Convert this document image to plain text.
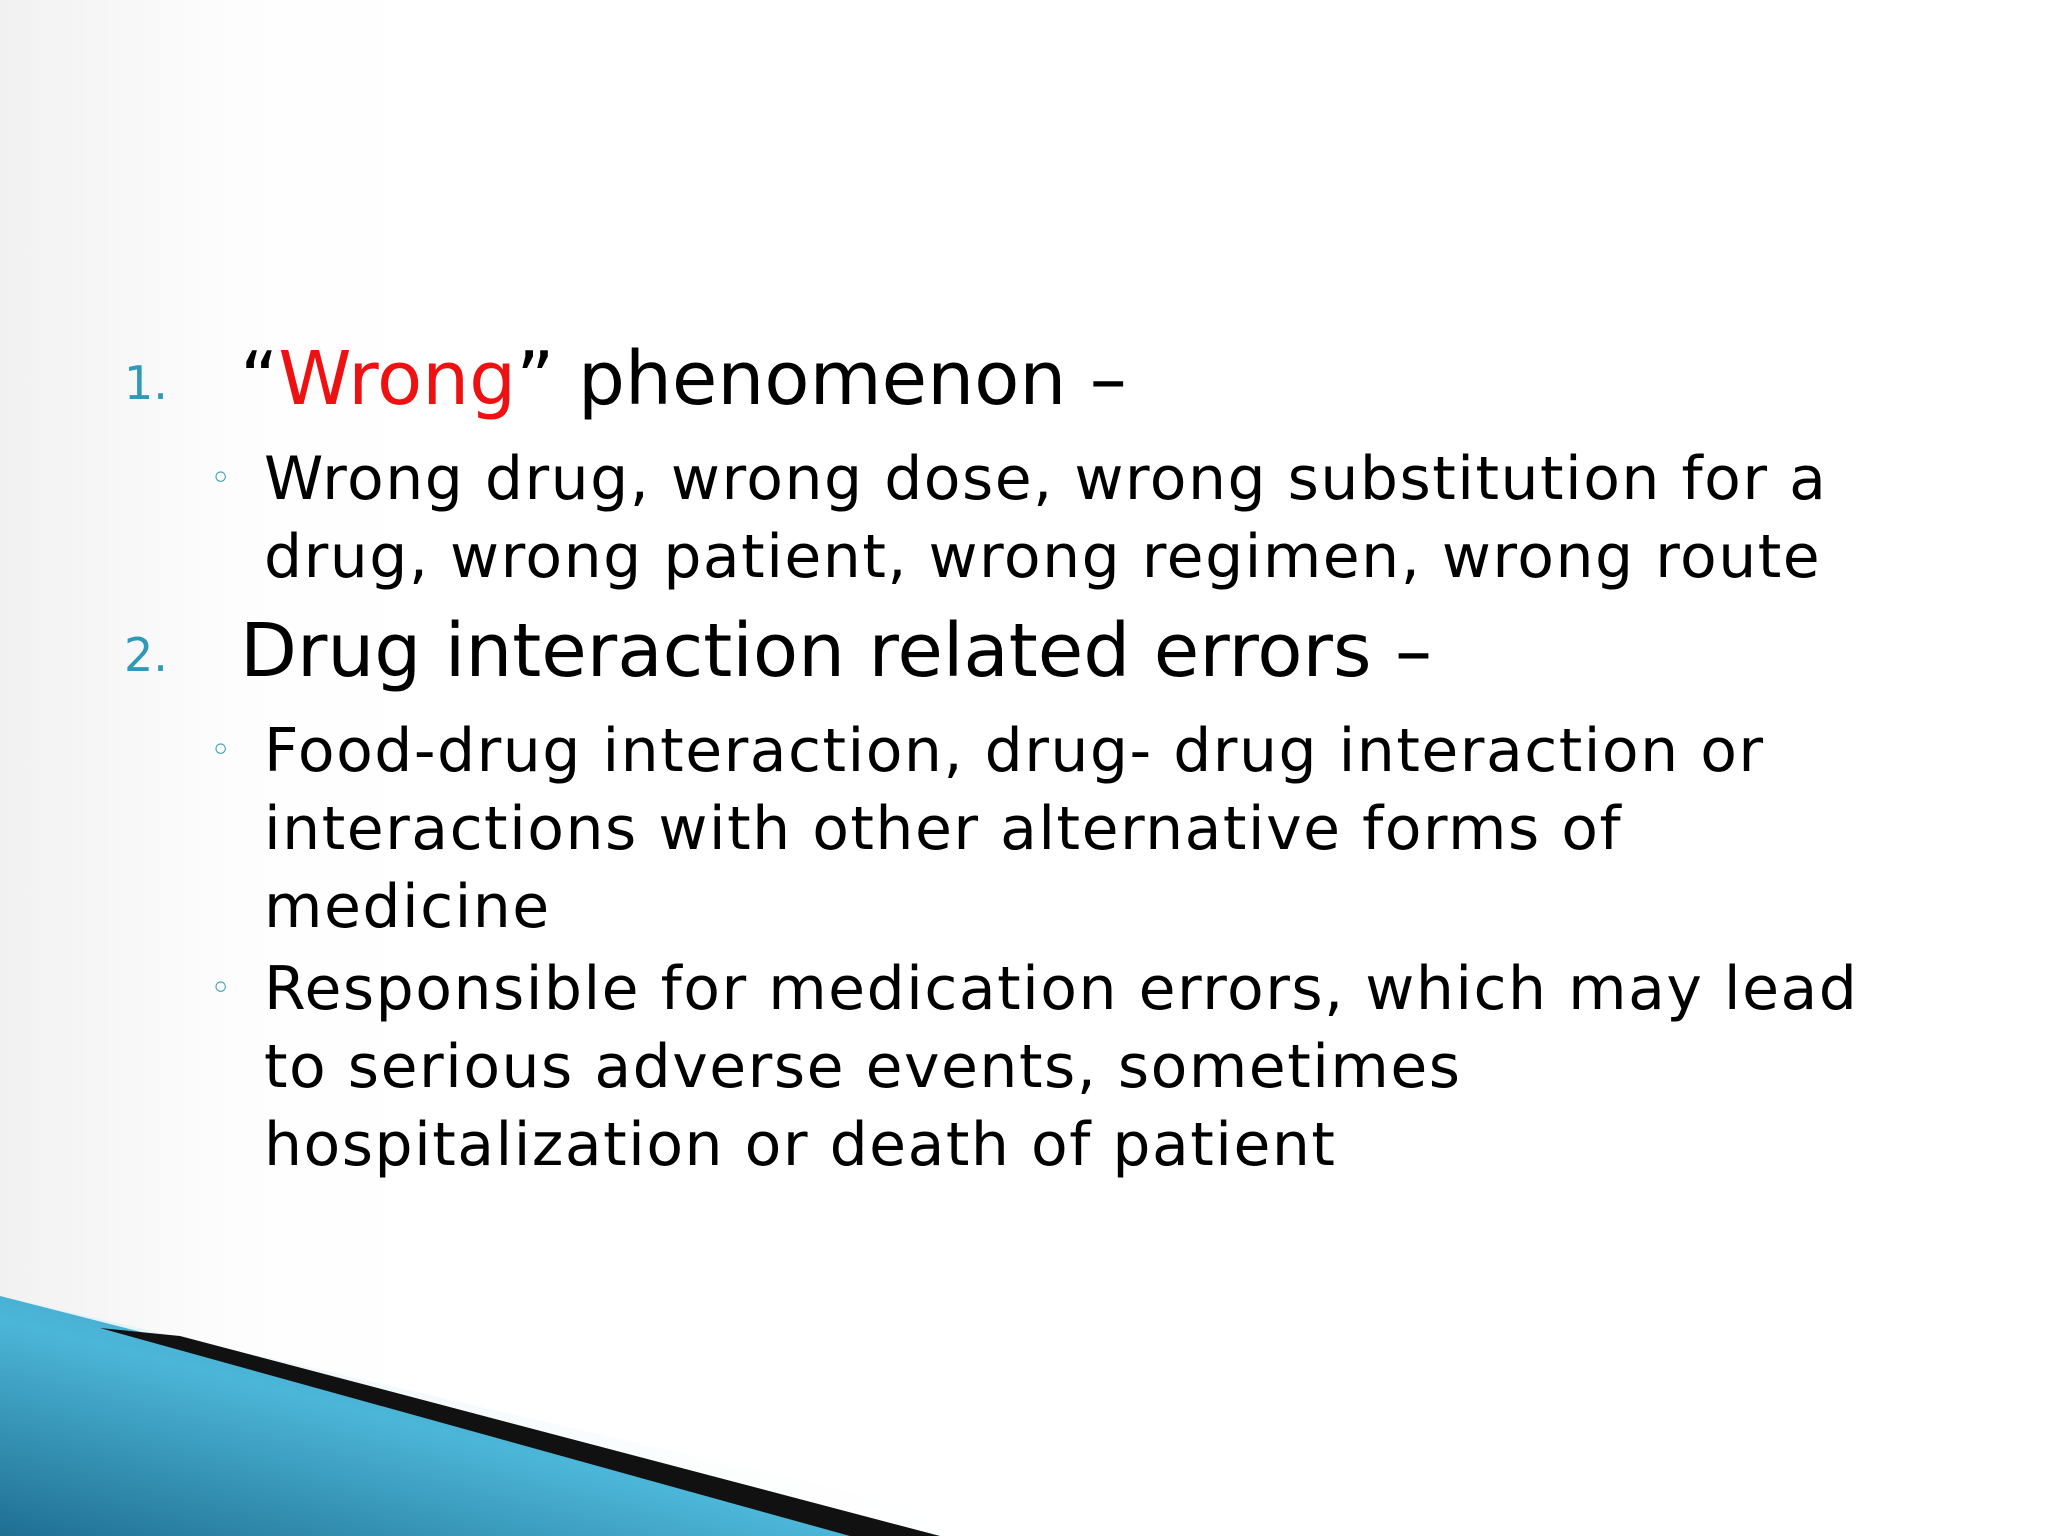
1. “Wrong” phenomenon –
◦ Wrong drug, wrong dose, wrong substitution for a
drug, wrong patient, wrong regimen, wrong route
2. Drug interaction related errors –
◦ Food-drug interaction, drug- drug interaction or
interactions with other alternative forms of
medicine
◦ Responsible for medication errors, which may lead
to serious adverse events, sometimes
hospitalization or death of patient
